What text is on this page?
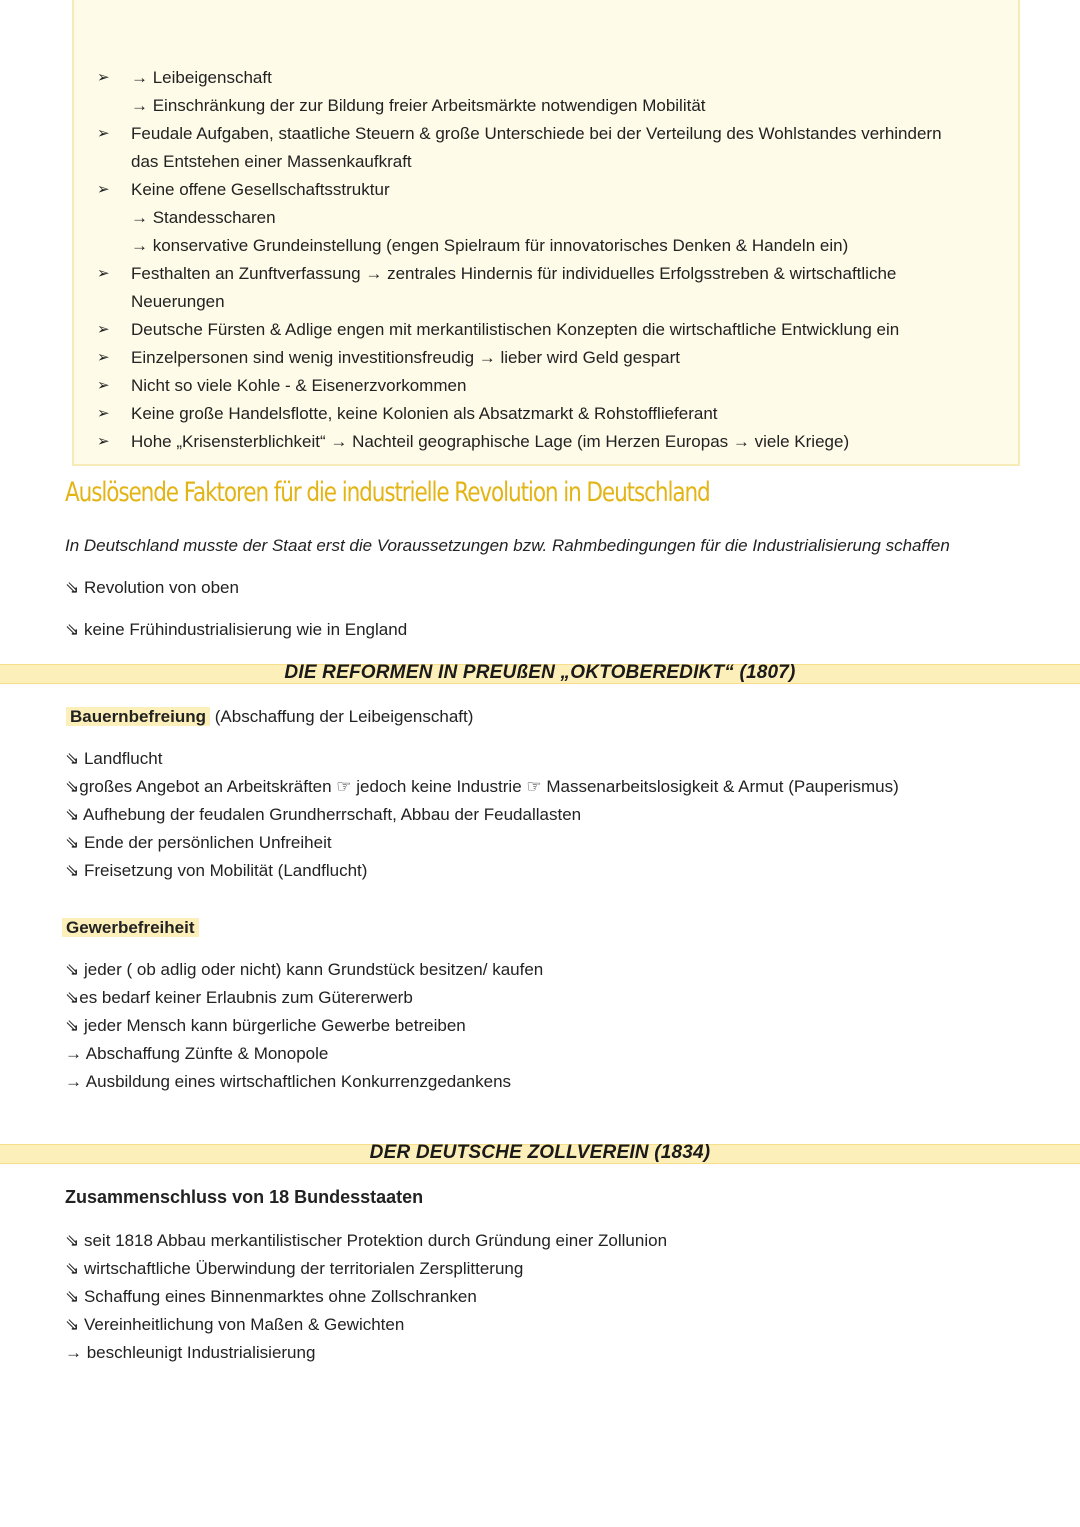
➢ → Leibeigenschaft
→ Einschränkung der zur Bildung freier Arbeitsmärkte notwendigen Mobilität
➢ Feudale Aufgaben, staatliche Steuern & große Unterschiede bei der Verteilung des Wohlstandes verhindern
das Entstehen einer Massenkaufkraft
➢ Keine offene Gesellschaftsstruktur
→ Standesscharen
→ konservative Grundeinstellung (engen Spielraum für innovatorisches Denken & Handeln ein)
➢ Festhalten an Zunftverfassung → zentrales Hindernis für individuelles Erfolgsstreben & wirtschaftliche
Neuerungen
➢ Deutsche Fürsten & Adlige engen mit merkantilistischen Konzepten die wirtschaftliche Entwicklung ein
➢ Einzelpersonen sind wenig investitionsfreudig → lieber wird Geld gespart
➢ Nicht so viele Kohle - & Eisenerzvorkommen
➢ Keine große Handelsflotte, keine Kolonien als Absatzmarkt & Rohstofflieferant
➢ Hohe „Krisensterblichkeit“ → Nachteil geographische Lage (im Herzen Europas → viele Kriege)
Auslösende Faktoren für die industrielle Revolution in Deutschland
In Deutschland musste der Staat erst die Voraussetzungen bzw. Rahmbedingungen für die Industrialisierung schaffen
⇘ Revolution von oben
⇘ keine Frühindustrialisierung wie in England
DIE REFORMEN IN PREUßEN „OKTOBEREDIKT“ (1807)
Bauernbefreiung (Abschaffung der Leibeigenschaft)
⇘ Landflucht
⇘großes Angebot an Arbeitskräften ☞ jedoch keine Industrie ☞ Massenarbeitslosigkeit & Armut (Pauperismus)
⇘ Aufhebung der feudalen Grundherrschaft, Abbau der Feudallasten
⇘ Ende der persönlichen Unfreiheit
⇘ Freisetzung von Mobilität (Landflucht)
Gewerbefreiheit
⇘ jeder ( ob adlig oder nicht) kann Grundstück besitzen/ kaufen
⇘es bedarf keiner Erlaubnis zum Gütererwerb
⇘ jeder Mensch kann bürgerliche Gewerbe betreiben
→ Abschaffung Zünfte & Monopole
→ Ausbildung eines wirtschaftlichen Konkurrenzgedankens
DER DEUTSCHE ZOLLVEREIN (1834)
Zusammenschluss von 18 Bundesstaaten
⇘ seit 1818 Abbau merkantilistischer Protektion durch Gründung einer Zollunion
⇘ wirtschaftliche Überwindung der territorialen Zersplitterung
⇘ Schaffung eines Binnenmarktes ohne Zollschranken
⇘ Vereinheitlichung von Maßen & Gewichten
→ beschleunigt Industrialisierung
